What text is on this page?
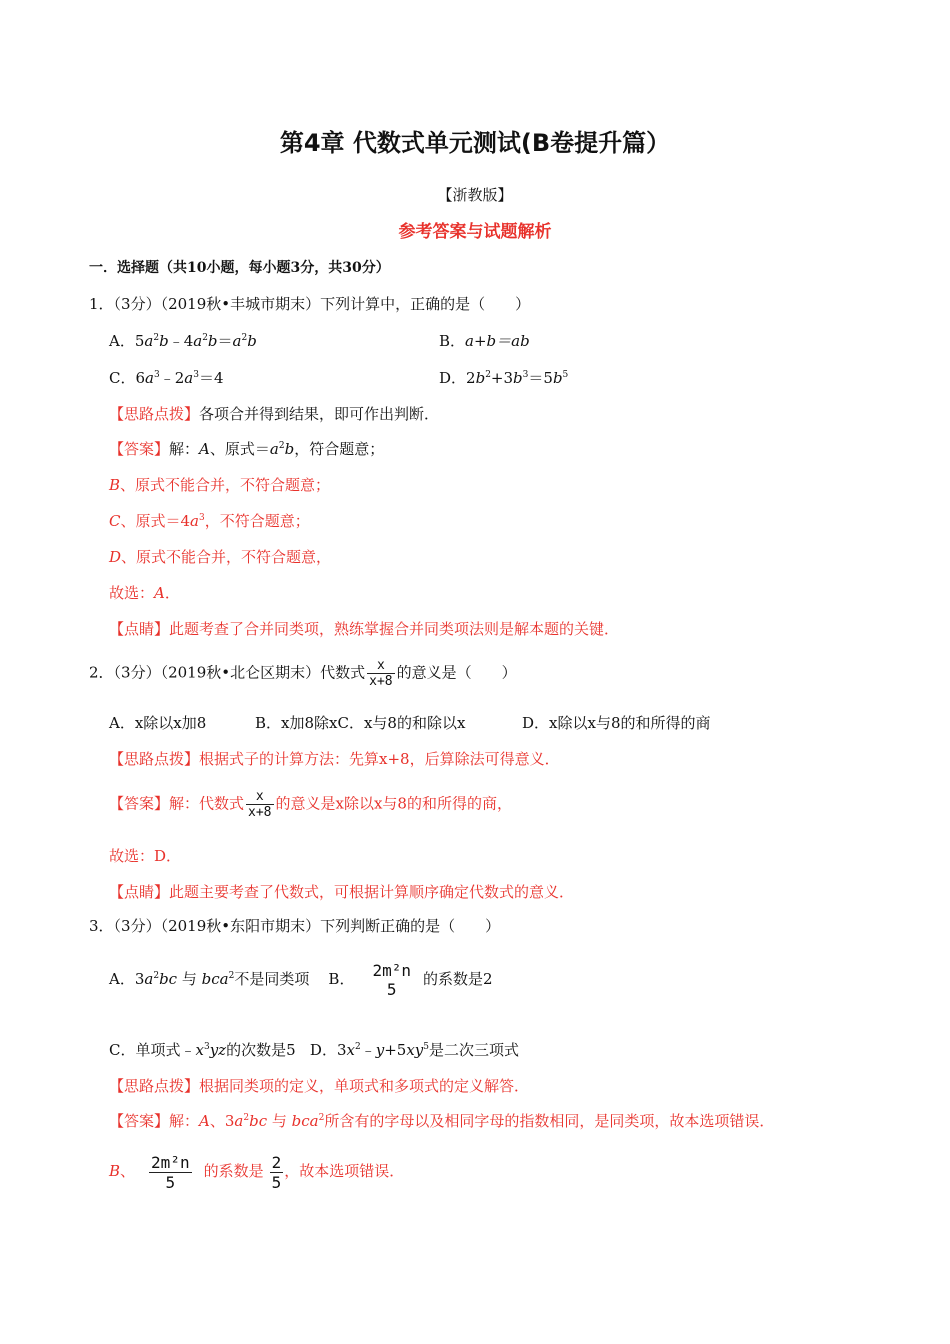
第4章 代数式单元测试(B卷提升篇）
【浙教版】
参考答案与试题解析
一．选择题（共10小题，每小题3分，共30分）
1．（3分）（2019秋•丰城市期末）下列计算中，正确的是（　　）
A．$5a^2b﹣4a^2b=a^2b$	B．a+b＝ab
C．$6a^3﹣2a^3=4$	D．$2b^2+3b^3=5b^5$
【思路点拨】各项合并得到结果，即可作出判断．
【答案】解：A、原式$=a^2b$，符合题意；
B、原式不能合并，不符合题意；
C、原式$=4a^3$，不符合题意；
D、原式不能合并，不符合题意，
故选：A．
【点睛】此题考查了合并同类项，熟练掌握合并同类项法则是解本题的关键．
2．（3分）（2019秋•北仑区期末）代数式 $\frac{x}{x+8}$ 的意义是（　　）
A．x除以x加8	B．x加8除xC．x与8的和除以x	D．x除以x与8的和所得的商
【思路点拨】根据式子的计算方法：先算x+8，后算除法可得意义．
【答案】解：代数式 $\frac{x}{x+8}$ 的意义是x除以x与8的和所得的商，
故选：D．
【点睛】此题主要考查了代数式，可根据计算顺序确定代数式的意义．
3．（3分）（2019秋•东阳市期末）下列判断正确的是（　　）
A．$3a^2bc$ 与 bca$^2$不是同类项 B． 2m²n
5
的系数是2
C．单项式$﹣x^3yz$的次数是5   D．$3x^2﹣y+5xy^5$是二次三项式
【思路点拨】根据同类项的定义，单项式和多项式的定义解答．
【答案】解：A、$3a^2bc$ 与 bca$^2$所含有的字母以及相同字母的指数相同，是同类项，故本选项错误．
B、 $\frac{\text{2m²n}}{5}$ 的系数是 $\frac{2}{5}$ ，故本选项错误．
